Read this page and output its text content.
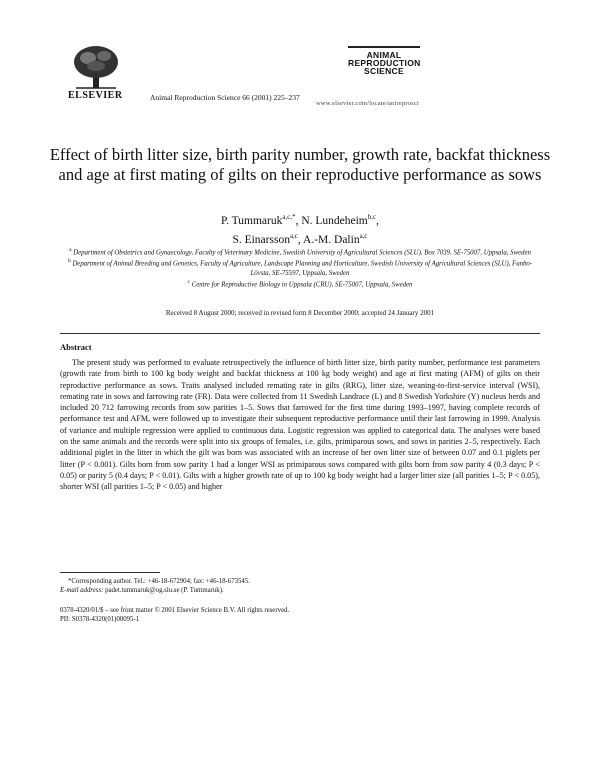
ELSEVIER	Animal Reproduction Science 66 (2001) 225–237
ANIMAL
REPRODUCTION
SCIENCE
www.elsevier.com/locate/anireprosci
Effect of birth litter size, birth parity number, growth rate, backfat thickness and age at first mating of gilts on their reproductive performance as sows
P. Tummaruk$^{a,c,*}$, N. Lundeheim$^{b,c}$,
S. Einarsson$^{a,c}$, A.-M. Dalin$^{a,c}$
$^a$ Department of Obstetrics and Gynaecology, Faculty of Veterinary Medicine, Swedish University of Agricultural Sciences (SLU), Box 7039, SE-75007, Uppsala, Sweden
$^b$ Department of Animal Breeding and Genetics, Faculty of Agriculture, Landscape Planning and Horticulture, Swedish University of Agricultural Sciences (SLU), Funbo-Lövsta, SE-75597, Uppsala, Sweden
$^c$ Centre for Reproductive Biology in Uppsala (CRU), SE-75007, Uppsala, Sweden
Received 8 August 2000; received in revised form 8 December 2000; accepted 24 January 2001
Abstract

The present study was performed to evaluate retrospectively the influence of birth litter size, birth parity number, performance test parameters (growth rate from birth to 100 kg body weight and backfat thickness at 100 kg body weight) and age at first mating (AFM) of gilts on their reproductive performance as sows. Traits analysed included remating rate in gilts (RRG), litter size, weaning-to-first-service interval (WSI), remating rate in sows and farrowing rate (FR). Data were collected from 11 Swedish Landrace (L) and 8 Swedish Yorkshire (Y) nucleus herds and included 20 712 farrowing records from sow parities 1–5. Sows that farrowed for the first time during 1993–1997, having complete records of performance test and AFM, were followed up to investigate their subsequent reproductive performance until their last farrowing in 1999. Analysis of variance and multiple regression were applied to continuous data. Logistic regression was applied to categorical data. The analyses were based on the same animals and the records were split into six groups of females, i.e. gilts, primiparous sows, and sows in parities 2–5, respectively. Each additional piglet in the litter in which the gilt was born was associated with an increase of her own litter size of between 0.07 and 0.1 piglets per litter (P < 0.001). Gilts born from sow parity 1 had a longer WSI as primiparous sows compared with gilts born from sow parity 4 (0.3 days; P < 0.05) or parity 5 (0.4 days; P < 0.01). Gilts with a higher growth rate of up to 100 kg body weight had a larger litter size (all parities 1–5; P < 0.05), shorter WSI (all parities 1–5; P < 0.05) and higher

*Corresponding author. Tel.: +46-18-672904; fax: +46-18-673545.
E-mail address: padet.tummaruk@og.slu.se (P. Tummaruk).
0378-4320/01/$ – see front matter © 2001 Elsevier Science B.V. All rights reserved.
PII: S0378-4320(01)00095-1
